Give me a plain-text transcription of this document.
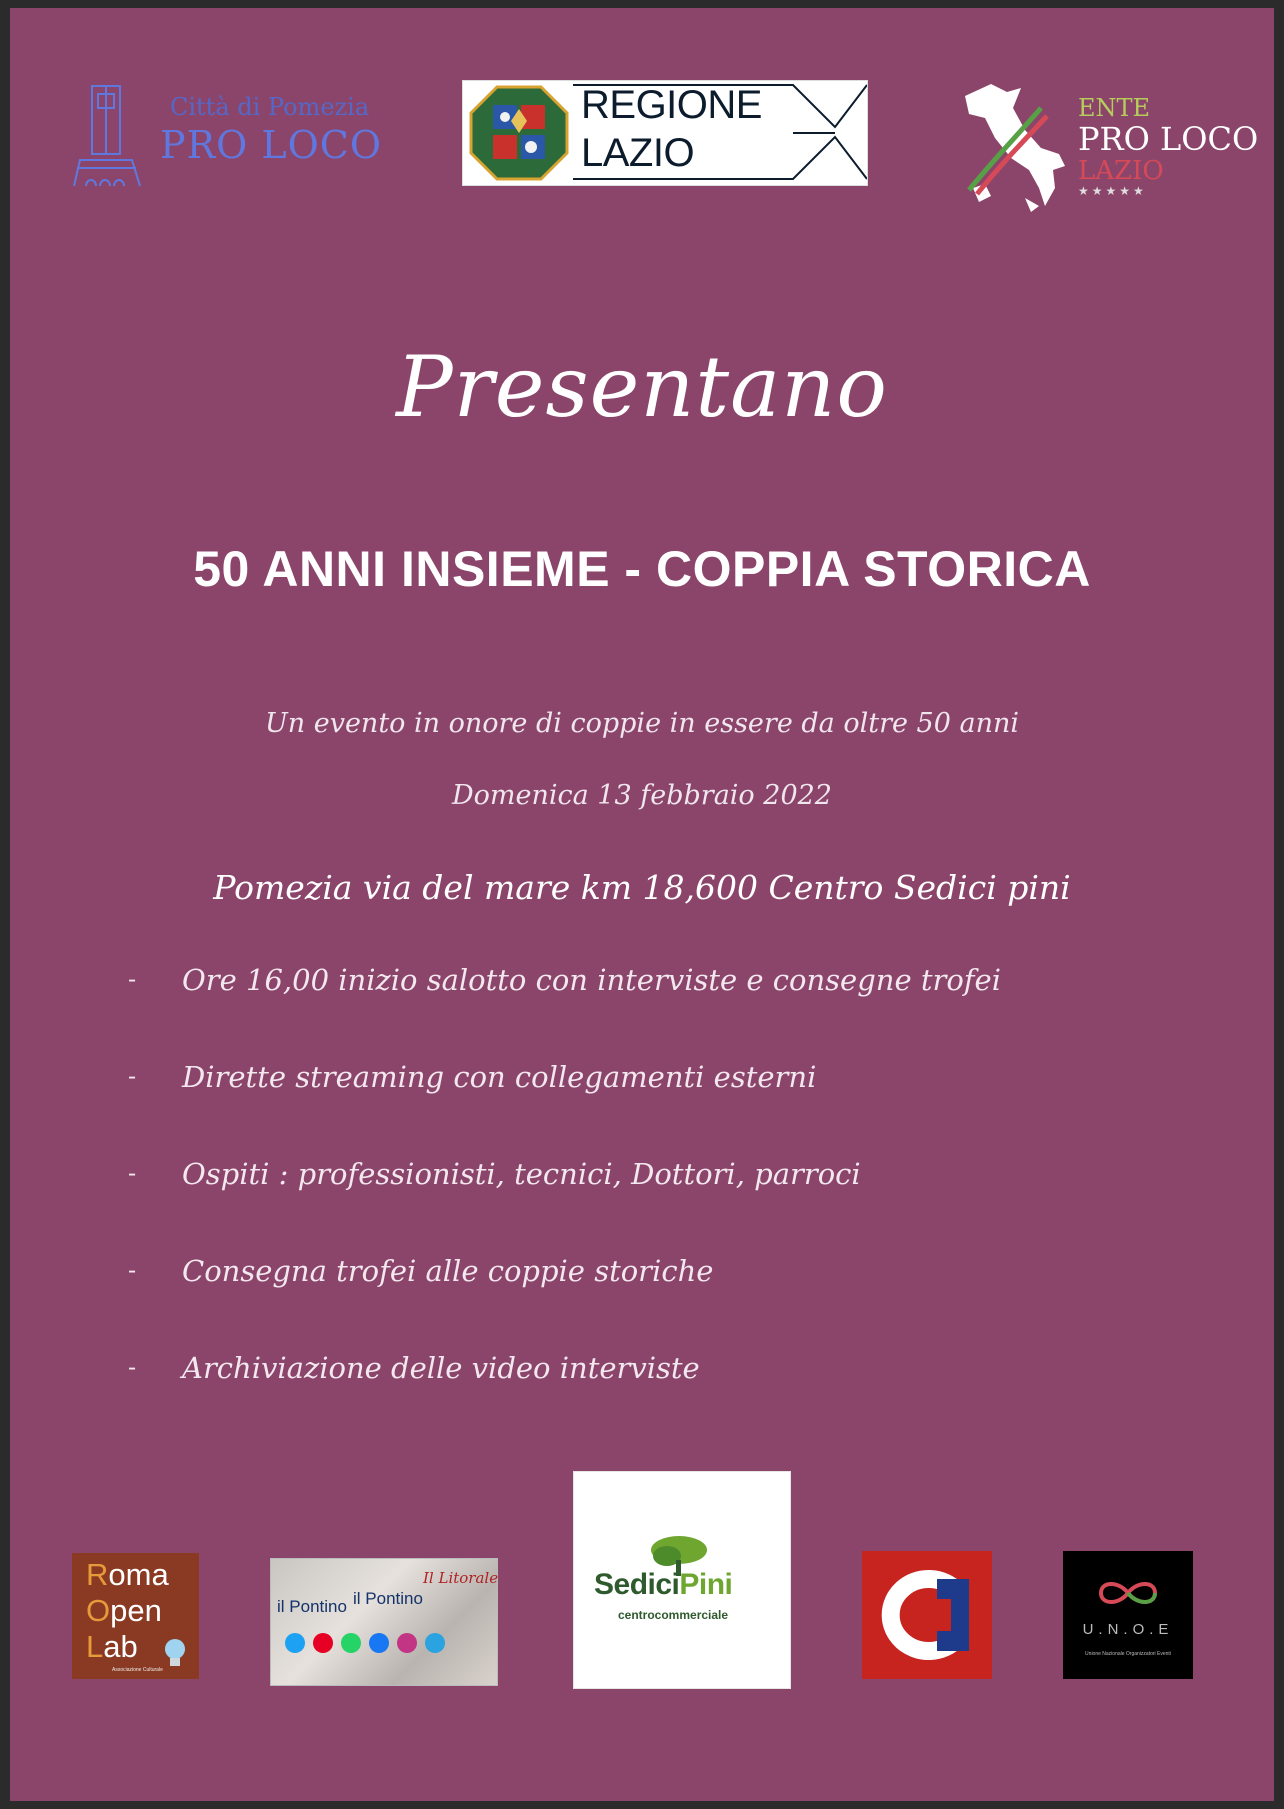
Città di Pomezia
PRO LOCO
REGIONE
LAZIO
ENTE
PRO LOCO
LAZIO
★★★★★
Presentano
50 ANNI INSIEME - COPPIA STORICA
Un evento in onore di coppie in essere da oltre 50 anni
Domenica 13 febbraio 2022
Pomezia via del mare km 18,600 Centro Sedici pini
- Ore 16,00 inizio salotto con interviste e consegne trofei
- Dirette streaming con collegamenti esterni
- Ospiti : professionisti, tecnici, Dottori, parroci
- Consegna trofei alle coppie storiche
- Archiviazione delle video interviste
Roma
Open
Lab
Associazione Culturale
Il Litorale
il Pontino il Pontino	SediciPini
centrocommerciale
U.N.O.E
Unione Nazionale Organizzatori Eventi
